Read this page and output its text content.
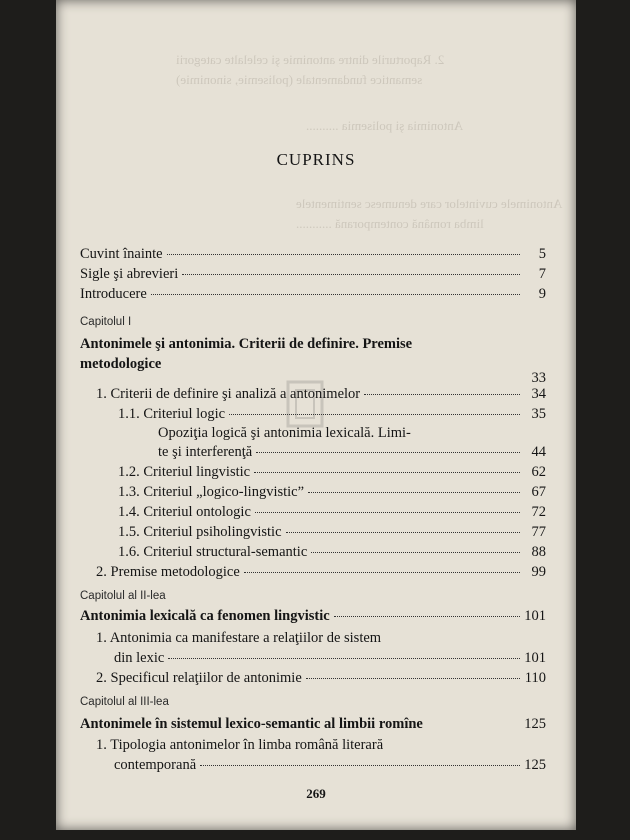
2. Raporturile dintre antonimie şi celelalte categorii
semantice fundamentale (polisemie, sinonimie)
Antonimia şi polisemia ..........
Antonimele cuvintelor care denumesc sentimentele
limba română contemporană ...........
CUPRINS
Cuvint înainte	5
Sigle şi abrevieri	7
Introducere	9
Capitolul I
Antonimele şi antonimia. Criterii de definire. Premise
metodologice
33
1. Criterii de definire şi analiză a antonimelor	34
1.1. Criteriul logic	35
Opoziţia logică şi antonimia lexicală. Limi-
te şi interferenţă	44
1.2. Criteriul lingvistic	62
1.3. Criteriul „logico-lingvistic”	67
1.4. Criteriul ontologic	72
1.5. Criteriul psiholingvistic	77
1.6. Criteriul structural-semantic	88
2. Premise metodologice	99
Capitolul al II-lea
Antonimia lexicală ca fenomen lingvistic	101
1. Antonimia ca manifestare a relaţiilor de sistem
din lexic	101
2. Specificul relaţiilor de antonimie	110
Capitolul al III-lea
Antonimele în sistemul lexico-semantic al limbii romîne	125
1. Tipologia antonimelor în limba română literară
contemporană	125
269
